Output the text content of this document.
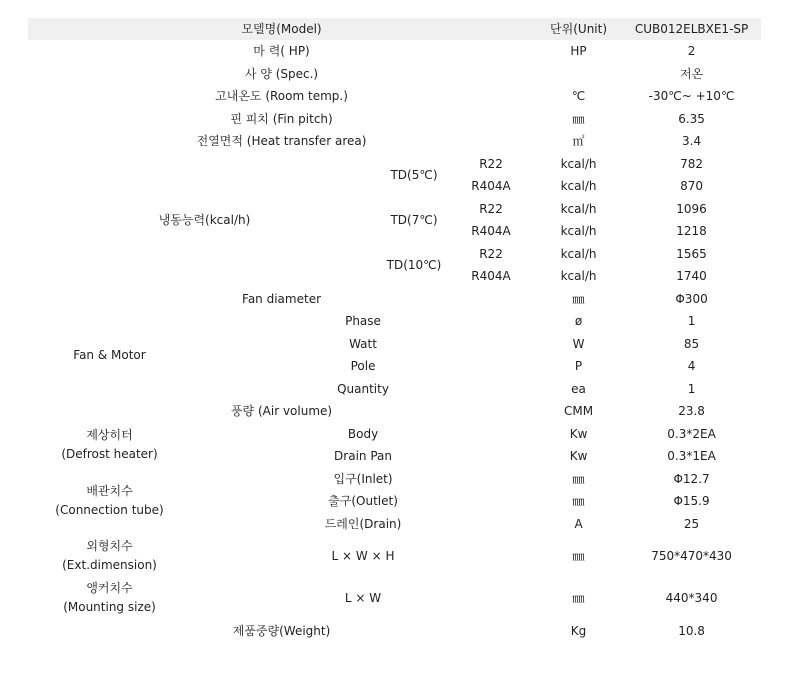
모델명(Model)				단위(Unit)	CUB012ELBXE1-SP
마 력( HP)				HP	2
사 양 (Spec.)					저온
고내온도 (Room temp.)				℃	-30℃~ +10℃
핀 피치 (Fin pitch)				㎜	6.35
전열면적 (Heat transfer area)				㎡	3.4
냉동능력(kcal/h)		TD(5℃)	R22	kcal/h	782
			R404A	kcal/h	870
		TD(7℃)	R22	kcal/h	1096
			R404A	kcal/h	1218
		TD(10℃)	R22	kcal/h	1565
			R404A	kcal/h	1740
Fan diameter				㎜	Φ300
Fan & Motor	Phase			ø	1
	Watt			W	85
	Pole			P	4
	Quantity			ea	1
풍량 (Air volume)				CMM	23.8

제상히터
(Defrost heater)	Body			Kw	0.3*2EA
	Drain Pan			Kw	0.3*1EA

배관치수
(Connection tube)	입구(Inlet)			㎜	Φ12.7
	출구(Outlet)			㎜	Φ15.9
	드레인(Drain)			A	25

외형치수
(Ext.dimension)	L × W × H			㎜	750*470*430

앵커치수
(Mounting size)	L × W			㎜	440*340
제품중량(Weight)				Kg	10.8
